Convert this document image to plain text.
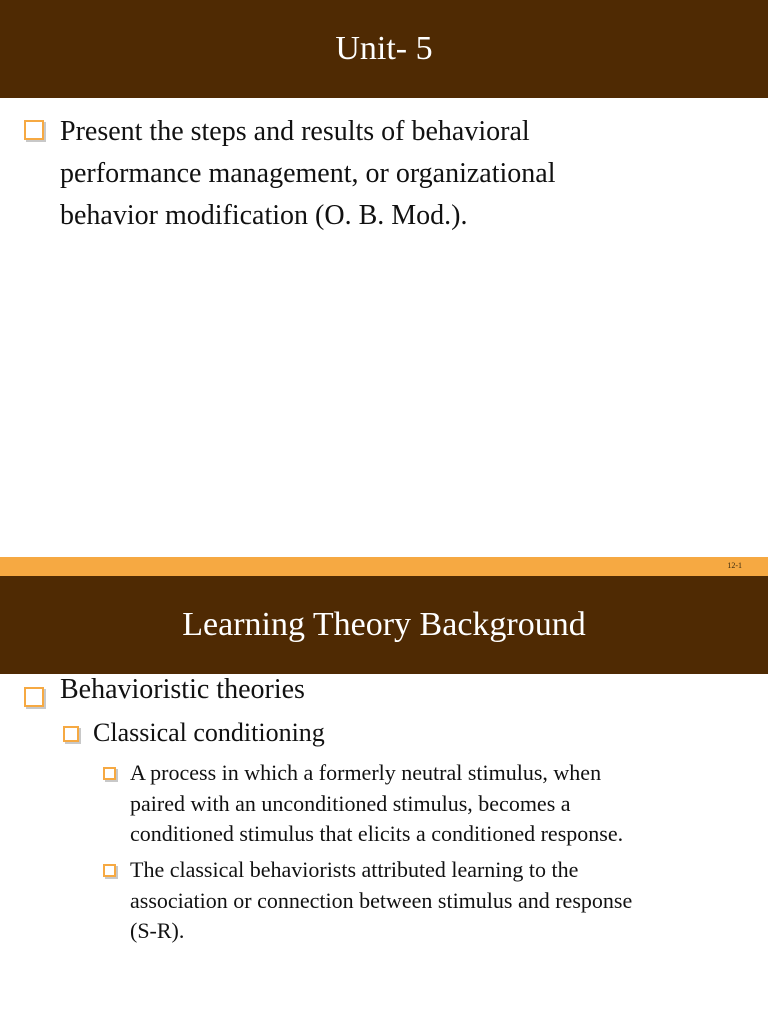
Unit- 5
Present the steps and results of behavioral
performance management, or organizational
behavior modification (O. B. Mod.).
12-1
Learning Theory Background
Behavioristic theories
Classical conditioning
A process in which a formerly neutral stimulus, when
paired with an unconditioned stimulus, becomes a
conditioned stimulus that elicits a conditioned response.
The classical behaviorists attributed learning to the
association or connection between stimulus and response
(S-R).
